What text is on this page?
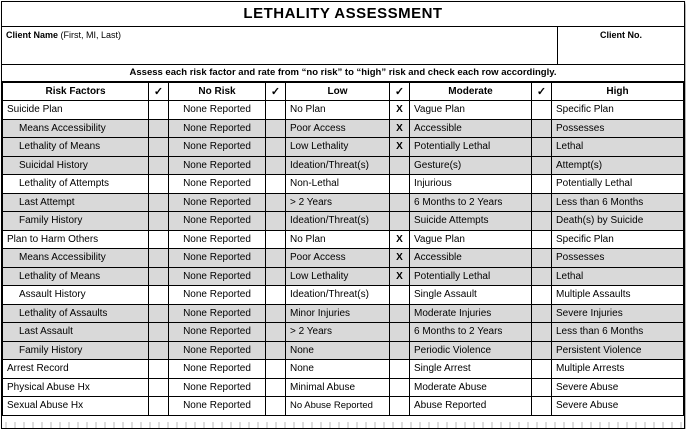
LETHALITY ASSESSMENT
Client Name (First, MI, Last)	Client No.
Assess each risk factor and rate from “no risk” to “high” risk and check each row accordingly.
Risk Factors	✓	No Risk	✓	Low	✓	Moderate	✓	High
Suicide Plan		None Reported		No Plan	X	Vague Plan		Specific Plan
Means Accessibility		None Reported		Poor Access	X	Accessible		Possesses
Lethality of Means		None Reported		Low Lethality	X	Potentially Lethal		Lethal
Suicidal History		None Reported		Ideation/Threat(s)		Gesture(s)		Attempt(s)
Lethality of Attempts		None Reported		Non-Lethal		Injurious		Potentially Lethal
Last Attempt		None Reported		> 2 Years		6 Months to 2 Years		Less than 6 Months
Family History		None Reported		Ideation/Threat(s)		Suicide Attempts		Death(s) by Suicide
Plan to Harm Others		None Reported		No Plan	X	Vague Plan		Specific Plan
Means Accessibility		None Reported		Poor Access	X	Accessible		Possesses
Lethality of Means		None Reported		Low Lethality	X	Potentially Lethal		Lethal
Assault History		None Reported		Ideation/Threat(s)		Single Assault		Multiple Assaults
Lethality of Assaults		None Reported		Minor Injuries		Moderate Injuries		Severe Injuries
Last Assault		None Reported		> 2 Years		6 Months to 2 Years		Less than 6 Months
Family History		None Reported		None		Periodic Violence		Persistent Violence
Arrest Record		None Reported		None		Single Arrest		Multiple Arrests
Physical Abuse Hx		None Reported		Minimal Abuse		Moderate Abuse		Severe Abuse
Sexual Abuse Hx		None Reported		No Abuse Reported		Abuse Reported		Severe Abuse
